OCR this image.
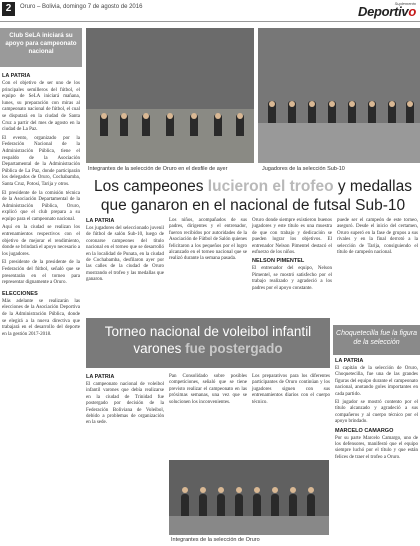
2	Oruro – Bolivia, domingo 7 de agosto de 2016
Suplemento
Deportivo
Club SeLA iniciará su apoyo para campeonato nacional
LA PATRIA

Con el objetivo de ser uno de los principales semilleros del fútbol, el equipo de SeLA iniciará mañana, lunes, su preparación con miras al campeonato nacional de fútbol, el cual se disputará en la ciudad de Santa Cruz a partir del mes de agosto en la ciudad de La Paz.

El evento, organizado por la Federación Nacional de la Administración Pública, tiene el respaldo de la Asociación Departamental de la Administración Pública de La Paz, donde participarán los delegados de Oruro, Cochabamba, Santa Cruz, Potosí, Tarija y otros.

El presidente de la comisión técnica de la Asociación Departamental de la Administración Pública, Oruro, explicó que el club prepara a su equipo para el campeonato nacional.

Aquí en la ciudad se realizan los entrenamientos respectivos con el objetivo de mejorar el rendimiento, donde se brindará el apoyo necesario a los jugadores.

El presidente de la presidente de la Federación del fútbol, señaló que se presentarán en el torneo para representar dignamente a Oruro.

ELECCIONES

Más adelante se realizarán las elecciones de la Asociación Deportiva de la Administración Pública, donde se elegirá a la nueva directiva que trabajará en el desarrollo del deporte en la gestión 2017-2018.

Integrantes de la selección de Oruro en el desfile de ayer	Jugadores de la selección Sub-10
Los campeones lucieron el trofeo y medallas que ganaron en el nacional de futsal Sub-10
LA PATRIA

Los jugadores del seleccionado juvenil de fútbol de salón Sub-10, luego de coronarse campeones del título nacional en el torneo que se desarrolló en la localidad de Punata, en la ciudad de Cochabamba, desfilaron ayer por las calles de la ciudad de Oruro mostrando el trofeo y las medallas que ganaron.

Los niños, acompañados de sus padres, dirigentes y el entrenador, fueron recibidos por autoridades de la Asociación de Fútbol de Salón quienes felicitaron a los pequeños por el logro alcanzado en el torneo nacional que se realizó durante la semana pasada.

Oruro donde siempre existieron buenos jugadores y este título es una muestra de que con trabajo y dedicación se pueden lograr los objetivos. El entrenador Nelson Pimentel destacó el esfuerzo de los niños.

NELSON PIMENTEL

El entrenador del equipo, Nelson Pimentel, se mostró satisfecho por el trabajo realizado y agradeció a los padres por el apoyo constante.

puede ser el campeón de este torneo, aseguró. Desde el inicio del certamen, Oruro superó en la fase de grupos a sus rivales y en la final derrotó a la selección de Tarija, consiguiendo el título de campeón nacional.

Torneo nacional de voleibol infantil varones fue postergado
LA PATRIA

El campeonato nacional de voleibol infantil varones que debía realizarse en la ciudad de Trinidad fue postergado por decisión de la Federación Boliviana de Voleibol, debido a problemas de organización en la sede.

Pan Consolidado sobre posibles competiciones, señaló que se tiene previsto realizar el campeonato en las próximas semanas, una vez que se solucionen los inconvenientes.

Los preparativos para los diferentes participantes de Oruro continúan y los jugadores siguen con sus entrenamientos diarios con el cuerpo técnico.

Integrantes de la selección de Oruro
Choquetecilla fue la figura de la selección
LA PATRIA

El capitán de la selección de Oruro, Choquetecilla, fue una de las grandes figuras del equipo durante el campeonato nacional, anotando goles importantes en cada partido.

El jugador se mostró contento por el título alcanzado y agradeció a sus compañeros y al cuerpo técnico por el apoyo brindado.

MARCELO CAMARGO

Por su parte Marcelo Camargo, uno de los defensores, manifestó que el equipo siempre luchó por el título y que están felices de traer el trofeo a Oruro.
